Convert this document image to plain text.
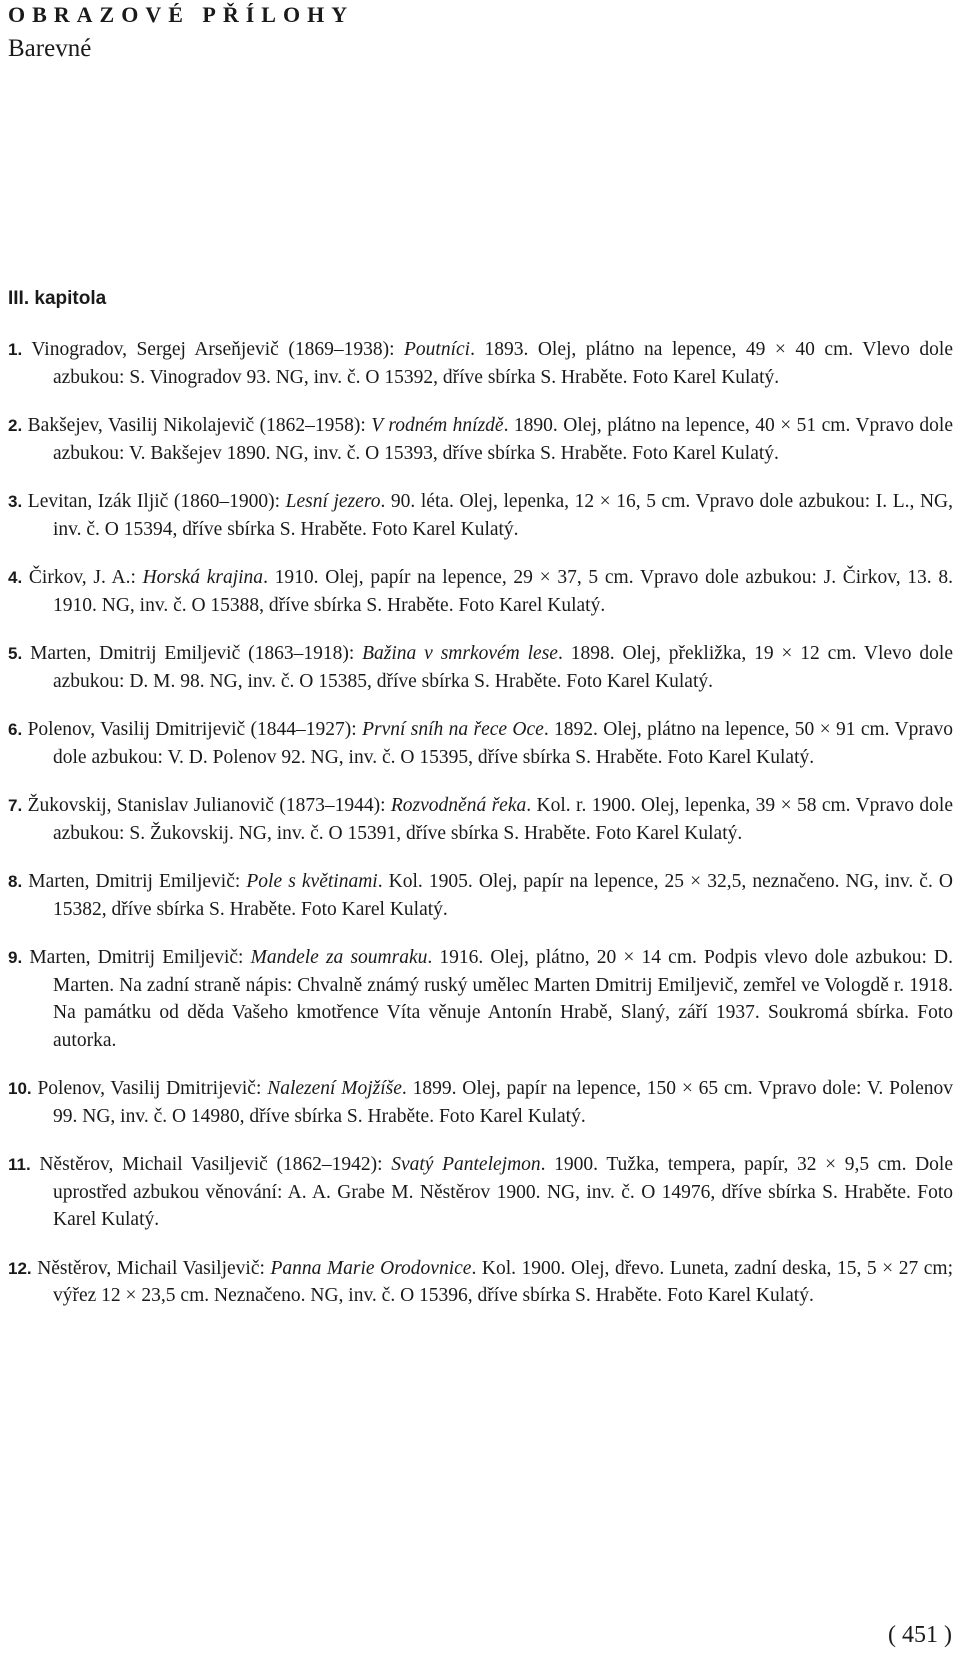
OBRAZOVÉ PŘÍLOHY
Barevné
III. kapitola

1. Vinogradov, Sergej Arseňjevič (1869–1938): Poutníci. 1893. Olej, plátno na lepence, 49 × 40 cm. Vlevo dole azbukou: S. Vinogradov 93. NG, inv. č. O 15392, dříve sbírka S. Hraběte. Foto Karel Kulatý.

2. Bakšejev, Vasilij Nikolajevič (1862–1958): V rodném hnízdě. 1890. Olej, plátno na lepence, 40 × 51 cm. Vpravo dole azbukou: V. Bakšejev 1890. NG, inv. č. O 15393, dříve sbírka S. Hraběte. Foto Karel Kulatý.

3. Levitan, Izák Iljič (1860–1900): Lesní jezero. 90. léta. Olej, lepenka, 12 × 16, 5 cm. Vpravo dole azbukou: I. L., NG, inv. č. O 15394, dříve sbírka S. Hraběte. Foto Karel Kulatý.

4. Čirkov, J. A.: Horská krajina. 1910. Olej, papír na lepence, 29 × 37, 5 cm. Vpravo dole azbukou: J. Čirkov, 13. 8. 1910. NG, inv. č. O 15388, dříve sbírka S. Hraběte. Foto Karel Kulatý.

5. Marten, Dmitrij Emiljevič (1863–1918): Bažina v smrkovém lese. 1898. Olej, překližka, 19 × 12 cm. Vlevo dole azbukou: D. M. 98. NG, inv. č. O 15385, dříve sbírka S. Hraběte. Foto Karel Kulatý.

6. Polenov, Vasilij Dmitrijevič (1844–1927): První sníh na řece Oce. 1892. Olej, plátno na lepence, 50 × 91 cm. Vpravo dole azbukou: V. D. Polenov 92. NG, inv. č. O 15395, dříve sbírka S. Hraběte. Foto Karel Kulatý.

7. Žukovskij, Stanislav Julianovič (1873–1944): Rozvodněná řeka. Kol. r. 1900. Olej, lepenka, 39 × 58 cm. Vpravo dole azbukou: S. Žukovskij. NG, inv. č. O 15391, dříve sbírka S. Hraběte. Foto Karel Kulatý.

8. Marten, Dmitrij Emiljevič: Pole s květinami. Kol. 1905. Olej, papír na lepence, 25 × 32,5, neznačeno. NG, inv. č. O 15382, dříve sbírka S. Hraběte. Foto Karel Kulatý.

9. Marten, Dmitrij Emiljevič: Mandele za soumraku. 1916. Olej, plátno, 20 × 14 cm. Podpis vlevo dole azbukou: D. Marten. Na zadní straně nápis: Chvalně známý ruský umělec Marten Dmitrij Emiljevič, zemřel ve Vologdě r. 1918. Na památku od děda Vašeho kmotřence Víta věnuje Antonín Hrabě, Slaný, září 1937. Soukromá sbírka. Foto autorka.

10. Polenov, Vasilij Dmitrijevič: Nalezení Mojžíše. 1899. Olej, papír na lepence, 150 × 65 cm. Vpravo dole: V. Polenov 99. NG, inv. č. O 14980, dříve sbírka S. Hraběte. Foto Karel Kulatý.

11. Něstěrov, Michail Vasiljevič (1862–1942): Svatý Pantelejmon. 1900. Tužka, tempera, papír, 32 × 9,5 cm. Dole uprostřed azbukou věnování: A. A. Grabe M. Něstěrov 1900. NG, inv. č. O 14976, dříve sbírka S. Hraběte. Foto Karel Kulatý.

12. Něstěrov, Michail Vasiljevič: Panna Marie Orodovnice. Kol. 1900. Olej, dřevo. Luneta, zadní deska, 15, 5 × 27 cm; výřez 12 × 23,5 cm. Neznačeno. NG, inv. č. O 15396, dříve sbírka S. Hraběte. Foto Karel Kulatý.

( 451 )
